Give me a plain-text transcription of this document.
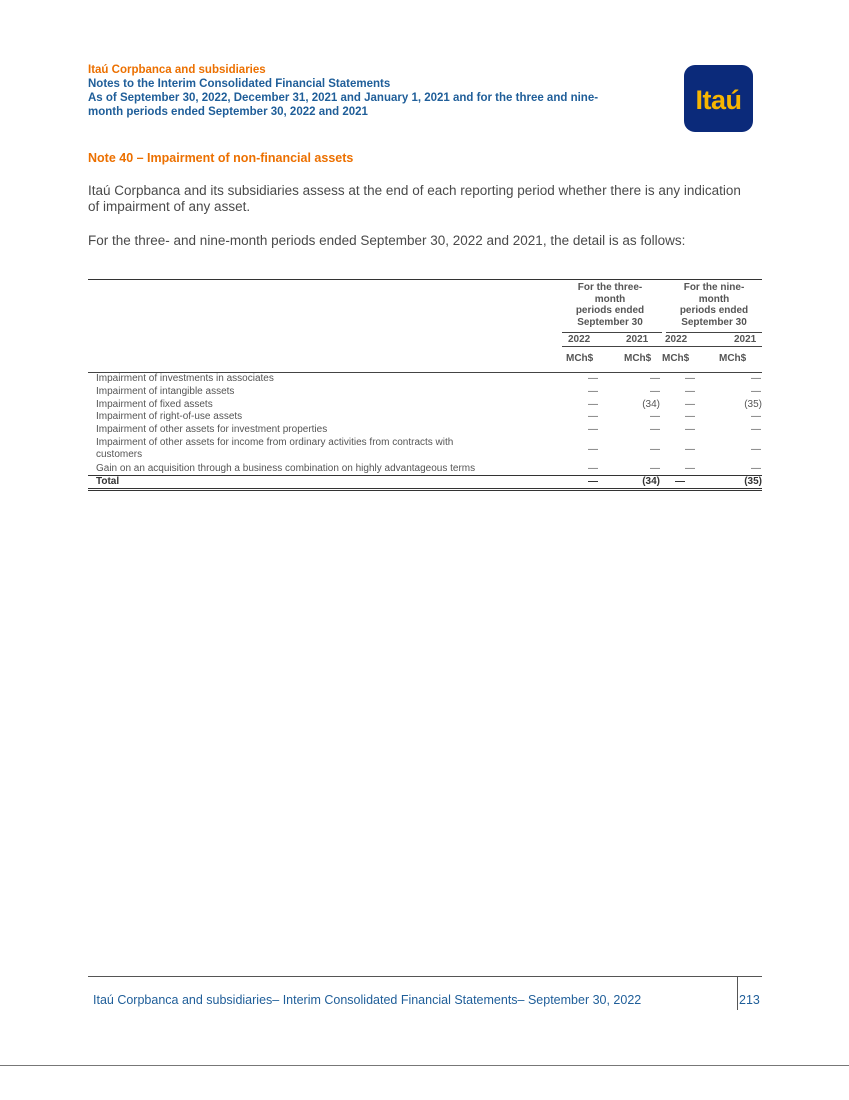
Itaú Corpbanca and subsidiaries
Notes to the Interim Consolidated Financial Statements
As of September 30, 2022, December 31, 2021 and January 1, 2021 and for the three and nine-
month periods ended September 30, 2022 and 2021	Itaú
Note 40 – Impairment of non-financial assets
Itaú Corpbanca and its subsidiaries assess at the end of each reporting period whether there is any indication
of impairment of any asset.
For the three- and nine-month periods ended September 30, 2022 and 2021, the detail is as follows:
For the three-
month
periods ended
September 30
For the nine-
month
periods ended
September 30
2022	2021 2022	2021
MCh$	MCh$ MCh$	MCh$
Impairment of investments in associates	—	—	—	—
Impairment of intangible assets	—	—	—	—
Impairment of fixed assets	—	(34)	—	(35)
Impairment of right-of-use assets	—	—	—	—
Impairment of other assets for investment properties	—	—	—	—
Impairment of other assets for income from ordinary activities from contracts with
customers	—	—	—	—
Gain on an acquisition through a business combination on highly advantageous terms	—	—	—	—
Total	—	(34)	—	(35)
Itaú Corpbanca and subsidiaries– Interim Consolidated Financial Statements– September 30, 2022	213
